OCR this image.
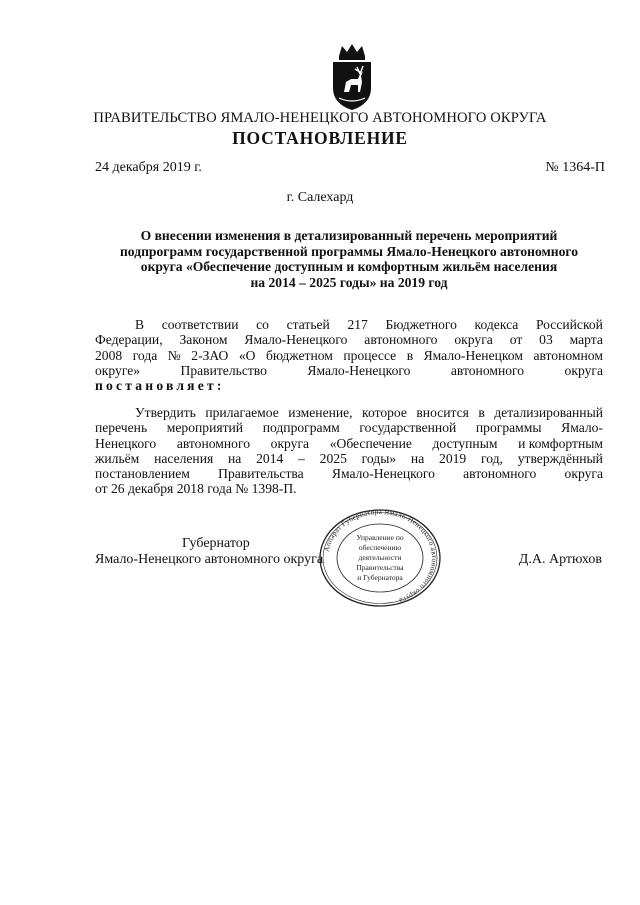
ПРАВИТЕЛЬСТВО ЯМАЛО-НЕНЕЦКОГО АВТОНОМНОГО ОКРУГА
ПОСТАНОВЛЕНИЕ
24 декабря 2019 г.	№ 1364-П
г. Салехард
О внесении изменения в детализированный перечень мероприятий
подпрограмм государственной программы Ямало-Ненецкого автономного
округа «Обеспечение доступным и комфортным жильём населения
на 2014 – 2025 годы» на 2019 год
В соответствии со статьей 217 Бюджетного кодекса Российской
Федерации, Законом Ямало-Ненецкого автономного округа от 03 марта
2008 года № 2-ЗАО «О бюджетном процессе в Ямало-Ненецком автономном
округе»	Правительство	Ямало-Ненецкого	автономного	округа
постановляет:
Утвердить прилагаемое изменение, которое вносится в детализированный
перечень мероприятий подпрограмм государственной программы Ямало-
Ненецкого автономного округа «Обеспечение доступным и комфортным
жильём населения на 2014 – 2025 годы» на 2019 год, утверждённый
постановлением Правительства Ямало-Ненецкого автономного округа
от 26 декабря 2018 года № 1398-П.
Губернатор
Ямало-Ненецкого автономного округа	Д.А. Артюхов
Аппарат Губернатора Ямало-Ненецкого автономного округа
Управление по
обеспечению
деятельности
Правительства
и Губернатора
